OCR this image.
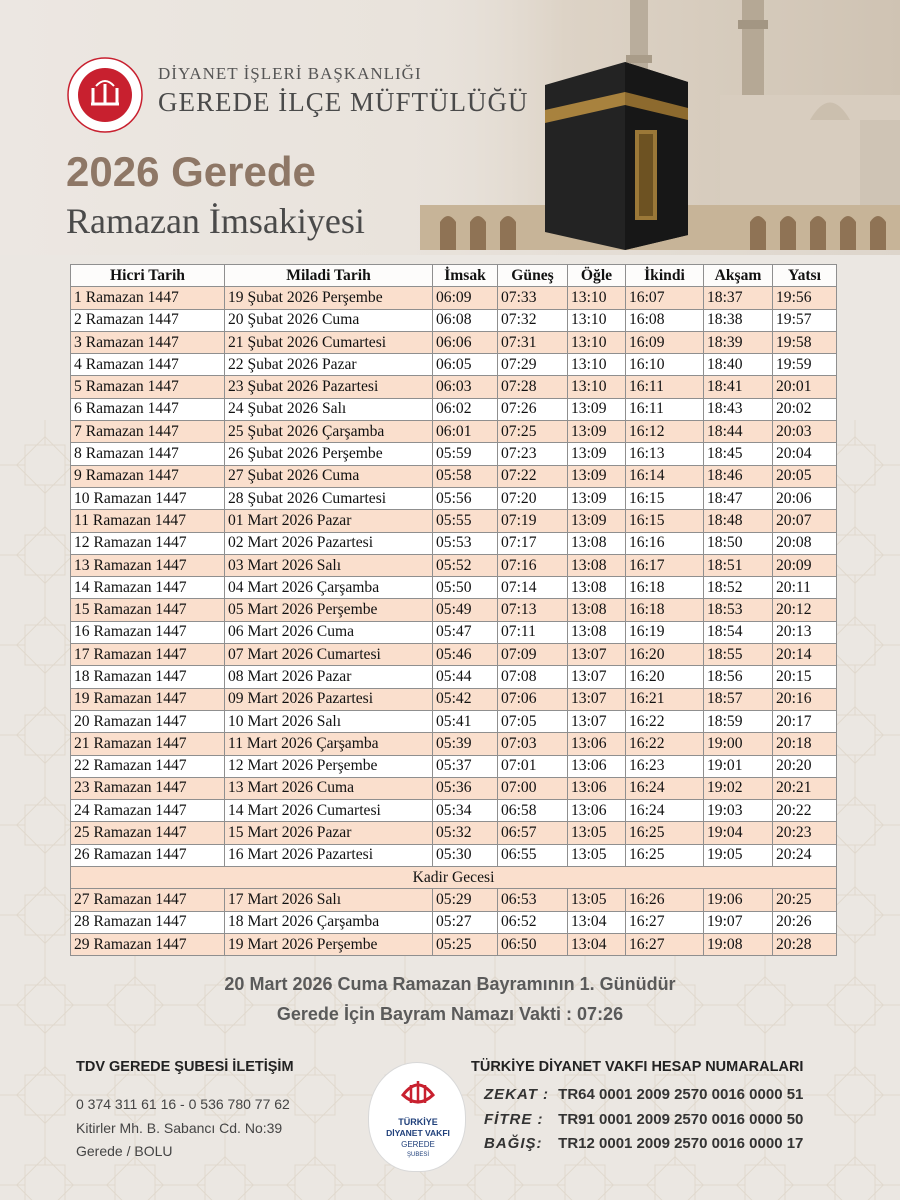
DİYANET İŞLERİ BAŞKANLIĞI
GEREDE İLÇE MÜFTÜLÜĞÜ
2026 Gerede
Ramazan İmsakiyesi
Hicri Tarih	Miladi Tarih	İmsak	Güneş	Öğle	İkindi	Akşam	Yatsı
1 Ramazan 1447	19 Şubat 2026 Perşembe	06:09	07:33	13:10	16:07	18:37	19:56
2 Ramazan 1447	20 Şubat 2026 Cuma	06:08	07:32	13:10	16:08	18:38	19:57
3 Ramazan 1447	21 Şubat 2026 Cumartesi	06:06	07:31	13:10	16:09	18:39	19:58
4 Ramazan 1447	22 Şubat 2026 Pazar	06:05	07:29	13:10	16:10	18:40	19:59
5 Ramazan 1447	23 Şubat 2026 Pazartesi	06:03	07:28	13:10	16:11	18:41	20:01
6 Ramazan 1447	24 Şubat 2026 Salı	06:02	07:26	13:09	16:11	18:43	20:02
7 Ramazan 1447	25 Şubat 2026 Çarşamba	06:01	07:25	13:09	16:12	18:44	20:03
8 Ramazan 1447	26 Şubat 2026 Perşembe	05:59	07:23	13:09	16:13	18:45	20:04
9 Ramazan 1447	27 Şubat 2026 Cuma	05:58	07:22	13:09	16:14	18:46	20:05
10 Ramazan 1447	28 Şubat 2026 Cumartesi	05:56	07:20	13:09	16:15	18:47	20:06
11 Ramazan 1447	01 Mart 2026 Pazar	05:55	07:19	13:09	16:15	18:48	20:07
12 Ramazan 1447	02 Mart 2026 Pazartesi	05:53	07:17	13:08	16:16	18:50	20:08
13 Ramazan 1447	03 Mart 2026 Salı	05:52	07:16	13:08	16:17	18:51	20:09
14 Ramazan 1447	04 Mart 2026 Çarşamba	05:50	07:14	13:08	16:18	18:52	20:11
15 Ramazan 1447	05 Mart 2026 Perşembe	05:49	07:13	13:08	16:18	18:53	20:12
16 Ramazan 1447	06 Mart 2026 Cuma	05:47	07:11	13:08	16:19	18:54	20:13
17 Ramazan 1447	07 Mart 2026 Cumartesi	05:46	07:09	13:07	16:20	18:55	20:14
18 Ramazan 1447	08 Mart 2026 Pazar	05:44	07:08	13:07	16:20	18:56	20:15
19 Ramazan 1447	09 Mart 2026 Pazartesi	05:42	07:06	13:07	16:21	18:57	20:16
20 Ramazan 1447	10 Mart 2026 Salı	05:41	07:05	13:07	16:22	18:59	20:17
21 Ramazan 1447	11 Mart 2026 Çarşamba	05:39	07:03	13:06	16:22	19:00	20:18
22 Ramazan 1447	12 Mart 2026 Perşembe	05:37	07:01	13:06	16:23	19:01	20:20
23 Ramazan 1447	13 Mart 2026 Cuma	05:36	07:00	13:06	16:24	19:02	20:21
24 Ramazan 1447	14 Mart 2026 Cumartesi	05:34	06:58	13:06	16:24	19:03	20:22
25 Ramazan 1447	15 Mart 2026 Pazar	05:32	06:57	13:05	16:25	19:04	20:23
26 Ramazan 1447	16 Mart 2026 Pazartesi	05:30	06:55	13:05	16:25	19:05	20:24
Kadir Gecesi							
27 Ramazan 1447	17 Mart 2026 Salı	05:29	06:53	13:05	16:26	19:06	20:25
28 Ramazan 1447	18 Mart 2026 Çarşamba	05:27	06:52	13:04	16:27	19:07	20:26
29 Ramazan 1447	19 Mart 2026 Perşembe	05:25	06:50	13:04	16:27	19:08	20:28
20 Mart 2026 Cuma Ramazan Bayramının 1. Günüdür
Gerede İçin Bayram Namazı Vakti : 07:26
TDV GEREDE ŞUBESİ İLETİŞİM
0 374 311 61 16 - 0 536 780 77 62
Kitirler Mh. B. Sabancı Cd. No:39
Gerede / BOLU
TÜRKİYE
DİYANET VAKFI
GEREDE
ŞUBESİ
TÜRKİYE DİYANET VAKFI HESAP NUMARALARI
ZEKAT : TR64 0001 2009 2570 0016 0000 51
FİTRE : TR91 0001 2009 2570 0016 0000 50
BAĞIŞ: TR12 0001 2009 2570 0016 0000 17
